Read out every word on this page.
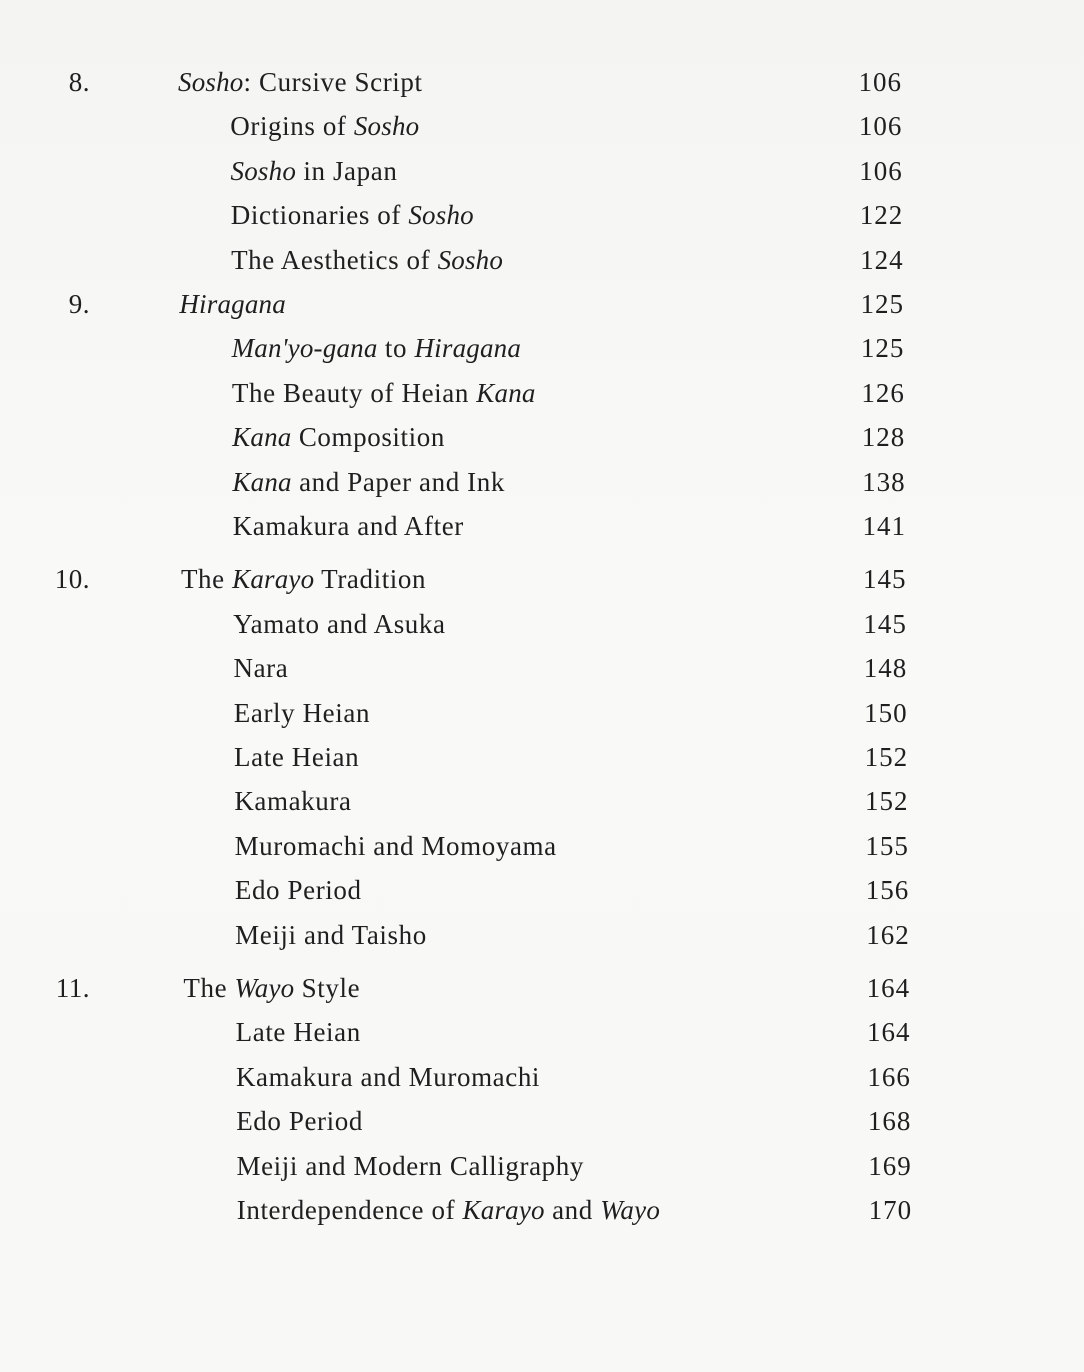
8.	Sosho: Cursive Script	106
Origins of Sosho	106
Sosho in Japan	106
Dictionaries of Sosho	122
The Aesthetics of Sosho	124
9.	Hiragana	125
Man'yo-gana to Hiragana	125
The Beauty of Heian Kana	126
Kana Composition	128
Kana and Paper and Ink	138
Kamakura and After	141
10.	The Karayo Tradition	145
Yamato and Asuka	145
Nara	148
Early Heian	150
Late Heian	152
Kamakura	152
Muromachi and Momoyama	155
Edo Period	156
Meiji and Taisho	162
11.	The Wayo Style	164
Late Heian	164
Kamakura and Muromachi	166
Edo Period	168
Meiji and Modern Calligraphy	169
Interdependence of Karayo and Wayo	170
